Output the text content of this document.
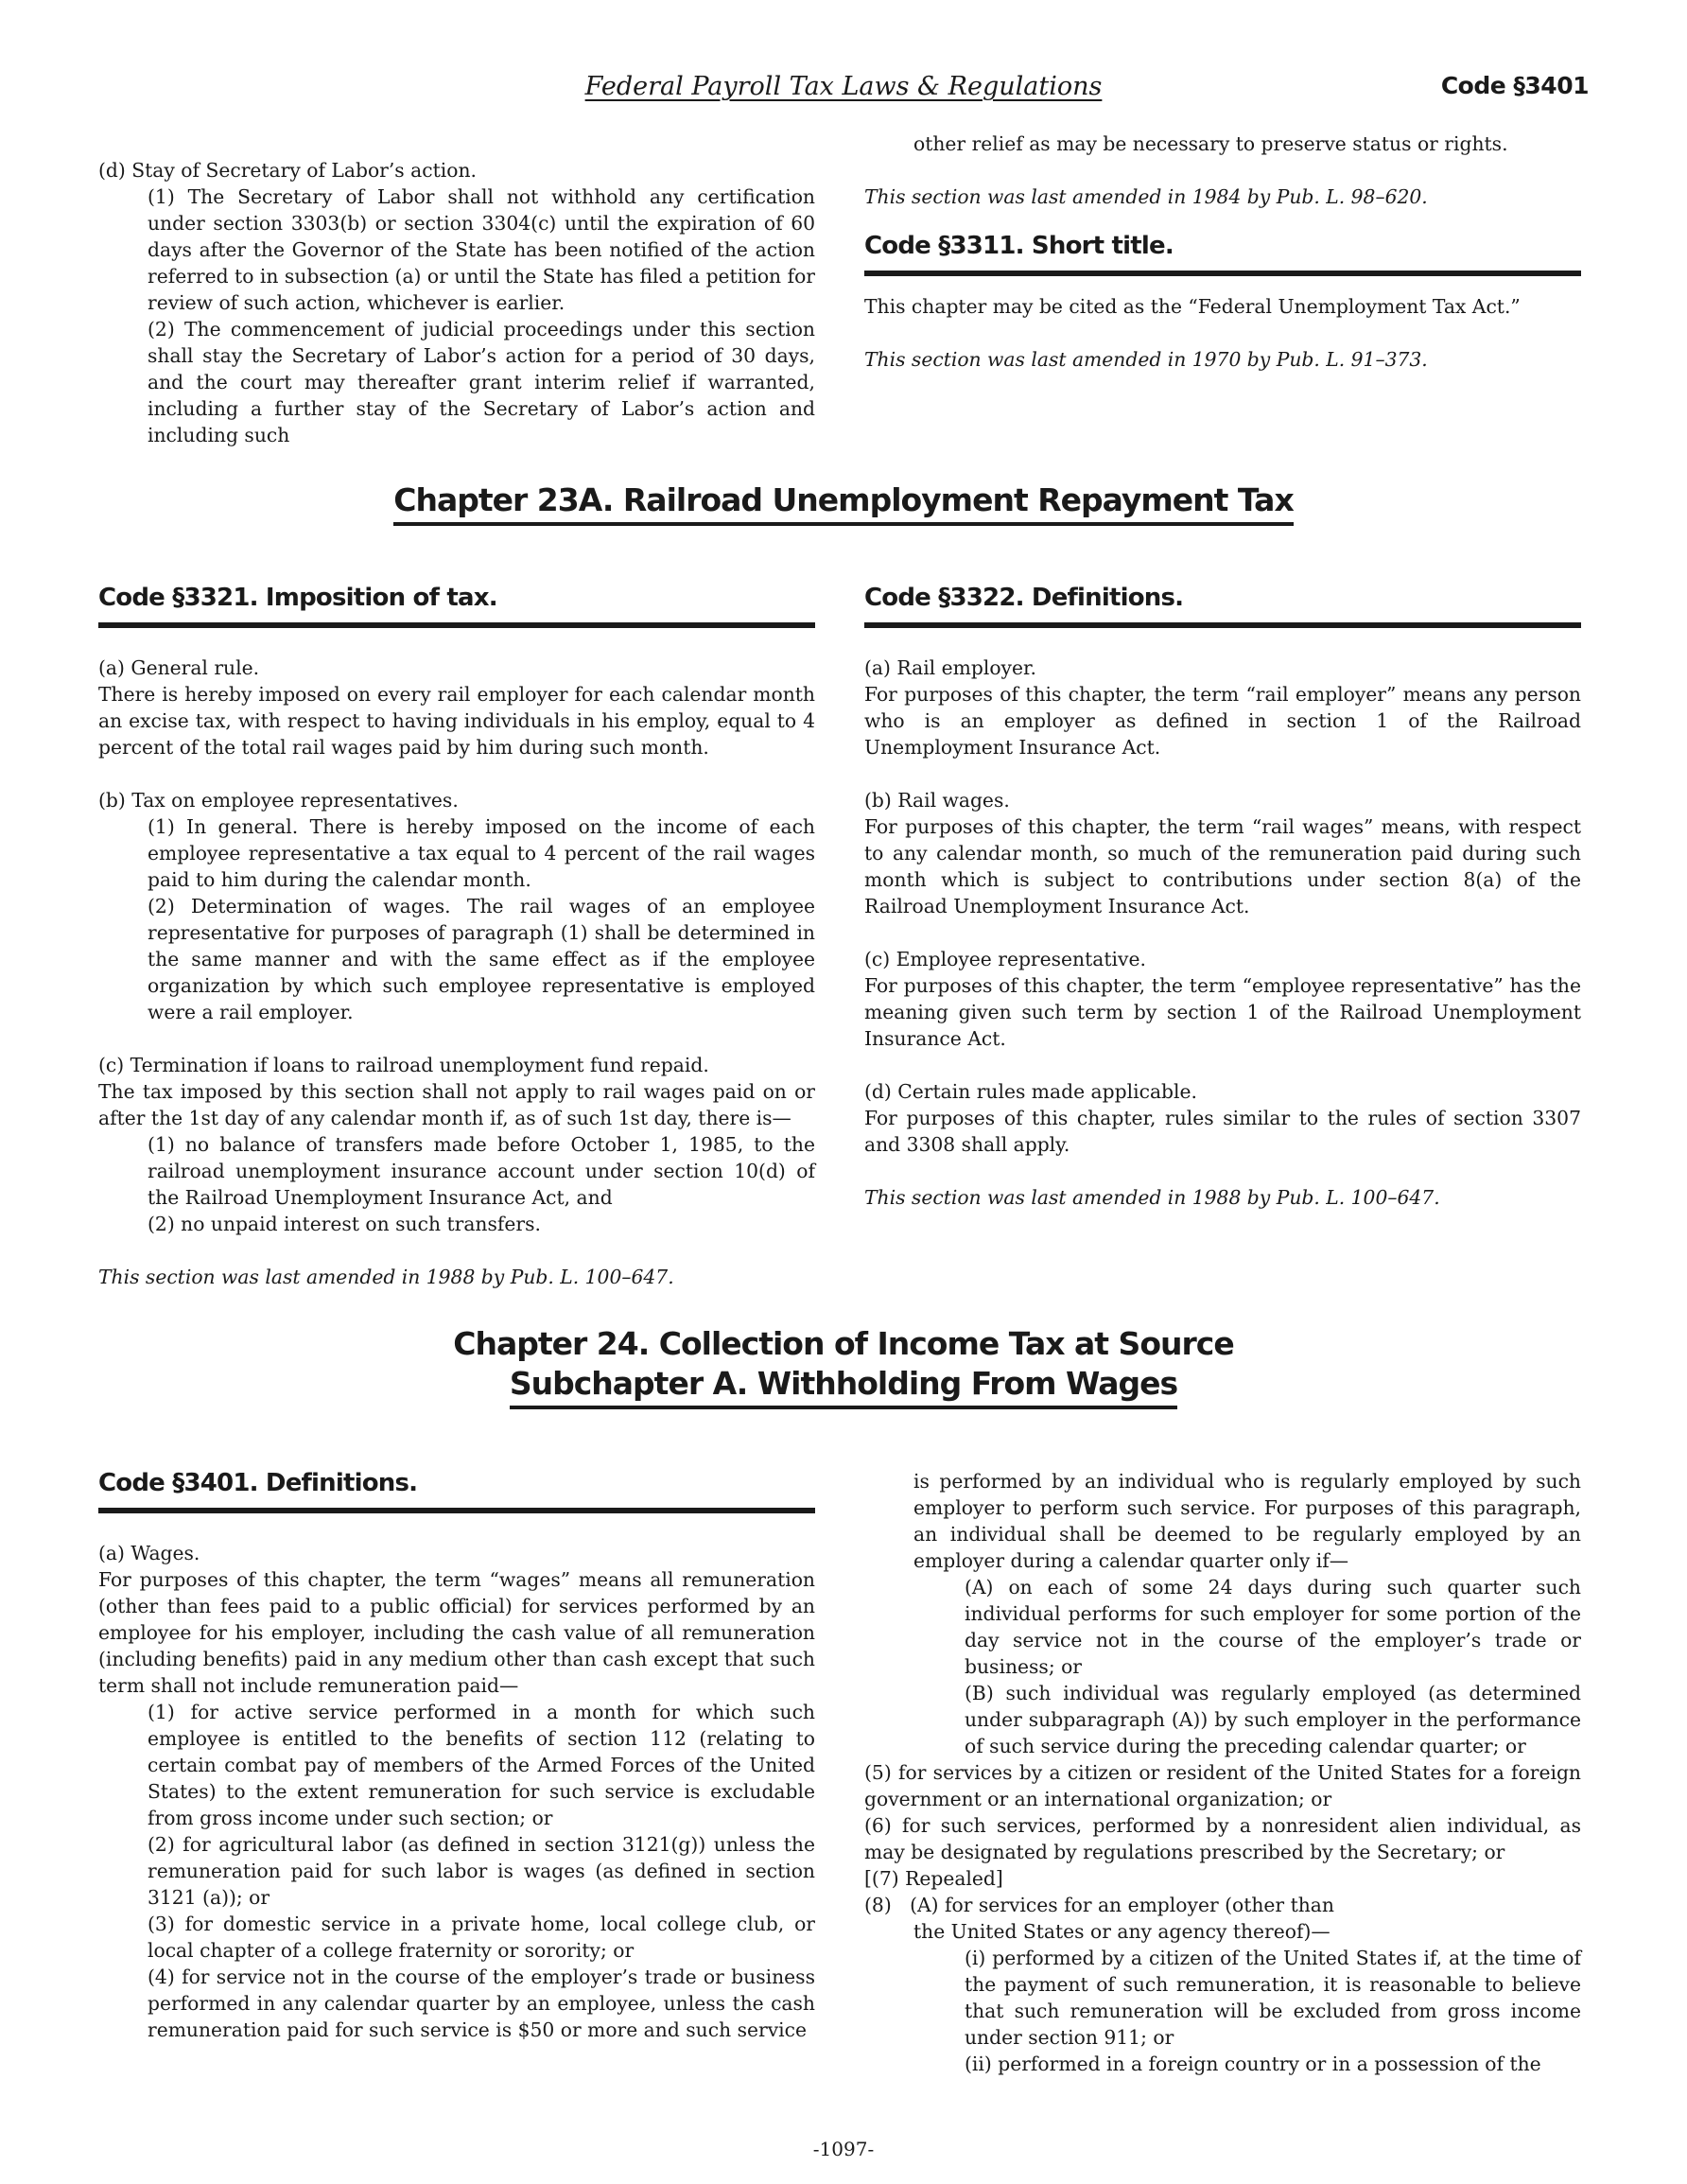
Federal Payroll Tax Laws & Regulations	Code §3401

(d) Stay of Secretary of Labor’s action.

(1) The Secretary of Labor shall not withhold any certification under section 3303(b) or section 3304(c) until the expiration of 60 days after the Governor of the State has been notified of the action referred to in subsection (a) or until the State has filed a petition for review of such action, whichever is earlier.

(2) The commencement of judicial proceedings under this section shall stay the Secretary of Labor’s action for a period of 30 days, and the court may thereafter grant interim relief if warranted, including a further stay of the Secretary of Labor’s action and including such

other relief as may be necessary to preserve status or rights.

This section was last amended in 1984 by Pub. L. 98–620.

Code §3311. Short title.

This chapter may be cited as the “Federal Unemployment Tax Act.”

This section was last amended in 1970 by Pub. L. 91–373.

Chapter 23A. Railroad Unemployment Repayment Tax
Code §3321. Imposition of tax.

(a) General rule.

There is hereby imposed on every rail employer for each calendar month an excise tax, with respect to having individuals in his employ, equal to 4 percent of the total rail wages paid by him during such month.

(b) Tax on employee representatives.

(1) In general. There is hereby imposed on the income of each employee representative a tax equal to 4 percent of the rail wages paid to him during the calendar month.

(2) Determination of wages. The rail wages of an employee representative for purposes of paragraph (1) shall be determined in the same manner and with the same effect as if the employee organization by which such employee representative is employed were a rail employer.

(c) Termination if loans to railroad unemployment fund repaid.

The tax imposed by this section shall not apply to rail wages paid on or after the 1st day of any calendar month if, as of such 1st day, there is—

(1) no balance of transfers made before October 1, 1985, to the railroad unemployment insurance account under section 10(d) of the Railroad Unemployment Insurance Act, and

(2) no unpaid interest on such transfers.

This section was last amended in 1988 by Pub. L. 100–647.

Code §3322. Definitions.

(a) Rail employer.

For purposes of this chapter, the term “rail employer” means any person who is an employer as defined in section 1 of the Railroad Unemployment Insurance Act.

(b) Rail wages.

For purposes of this chapter, the term “rail wages” means, with respect to any calendar month, so much of the remuneration paid during such month which is subject to contributions under section 8(a) of the Railroad Unemployment Insurance Act.

(c) Employee representative.

For purposes of this chapter, the term “employee representative” has the meaning given such term by section 1 of the Railroad Unemployment Insurance Act.

(d) Certain rules made applicable.

For purposes of this chapter, rules similar to the rules of section 3307 and 3308 shall apply.

This section was last amended in 1988 by Pub. L. 100–647.

Chapter 24. Collection of Income Tax at Source
Subchapter A. Withholding From Wages
Code §3401. Definitions.

(a) Wages.

For purposes of this chapter, the term “wages” means all remuneration (other than fees paid to a public official) for services performed by an employee for his employer, including the cash value of all remuneration (including benefits) paid in any medium other than cash except that such term shall not include remuneration paid—

(1) for active service performed in a month for which such employee is entitled to the benefits of section 112 (relating to certain combat pay of members of the Armed Forces of the United States) to the extent remuneration for such service is excludable from gross income under such section; or

(2) for agricultural labor (as defined in section 3121(g)) unless the remuneration paid for such labor is wages (as defined in section 3121 (a)); or

(3) for domestic service in a private home, local college club, or local chapter of a college fraternity or sorority; or

(4) for service not in the course of the employer’s trade or business performed in any calendar quarter by an employee, unless the cash remuneration paid for such service is $50 or more and such service

is performed by an individual who is regularly employed by such employer to perform such service. For purposes of this paragraph, an individual shall be deemed to be regularly employed by an employer during a calendar quarter only if—

(A) on each of some 24 days during such quarter such individual performs for such employer for some portion of the day service not in the course of the employer’s trade or business; or

(B) such individual was regularly employed (as determined under subparagraph (A)) by such employer in the performance of such service during the preceding calendar quarter; or

(5) for services by a citizen or resident of the United States for a foreign government or an international organization; or

(6) for such services, performed by a nonresident alien individual, as may be designated by regulations prescribed by the Secretary; or

[(7) Repealed]

(8)   (A) for services for an employer (other than

the United States or any agency thereof)—

(i) performed by a citizen of the United States if, at the time of the payment of such remuneration, it is reasonable to believe that such remuneration will be excluded from gross income under section 911; or

(ii) performed in a foreign country or in a possession of the

-1097-
